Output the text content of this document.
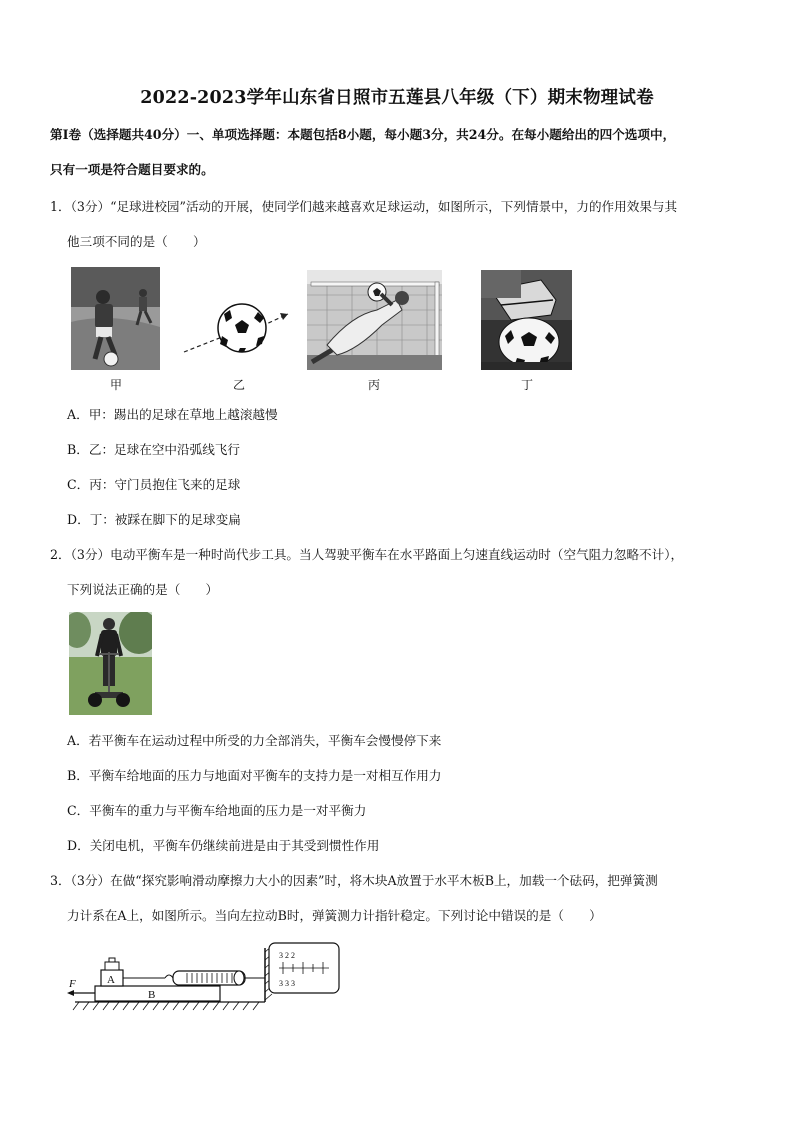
2022-2023学年山东省日照市五莲县八年级（下）期末物理试卷
第Ⅰ卷（选择题共40分）一、单项选择题：本题包括8小题，每小题3分，共24分。在每小题给出的四个选项中，
只有一项是符合题目要求的。
1．（3分）“足球进校园”活动的开展，使同学们越来越喜欢足球运动，如图所示，下列情景中，力的作用效果与其
他三项不同的是（　　）
甲	乙	丙	丁
A．甲：踢出的足球在草地上越滚越慢
B．乙：足球在空中沿弧线飞行
C．丙：守门员抱住飞来的足球
D．丁：被踩在脚下的足球变扁
2．（3分）电动平衡车是一种时尚代步工具。当人驾驶平衡车在水平路面上匀速直线运动时（空气阻力忽略不计），
下列说法正确的是（　　）
A．若平衡车在运动过程中所受的力全部消失，平衡车会慢慢停下来
B．平衡车给地面的压力与地面对平衡车的支持力是一对相互作用力
C．平衡车的重力与平衡车给地面的压力是一对平衡力
D．关闭电机，平衡车仍继续前进是由于其受到惯性作用
3．（3分）在做“探究影响滑动摩擦力大小的因素”时，将木块A放置于水平木板B上，加载一个砝码，把弹簧测
力计系在A上，如图所示。当向左拉动B时，弹簧测力计指针稳定。下列讨论中错误的是（　　）
3 2 2
3 3 3
F	A
B
